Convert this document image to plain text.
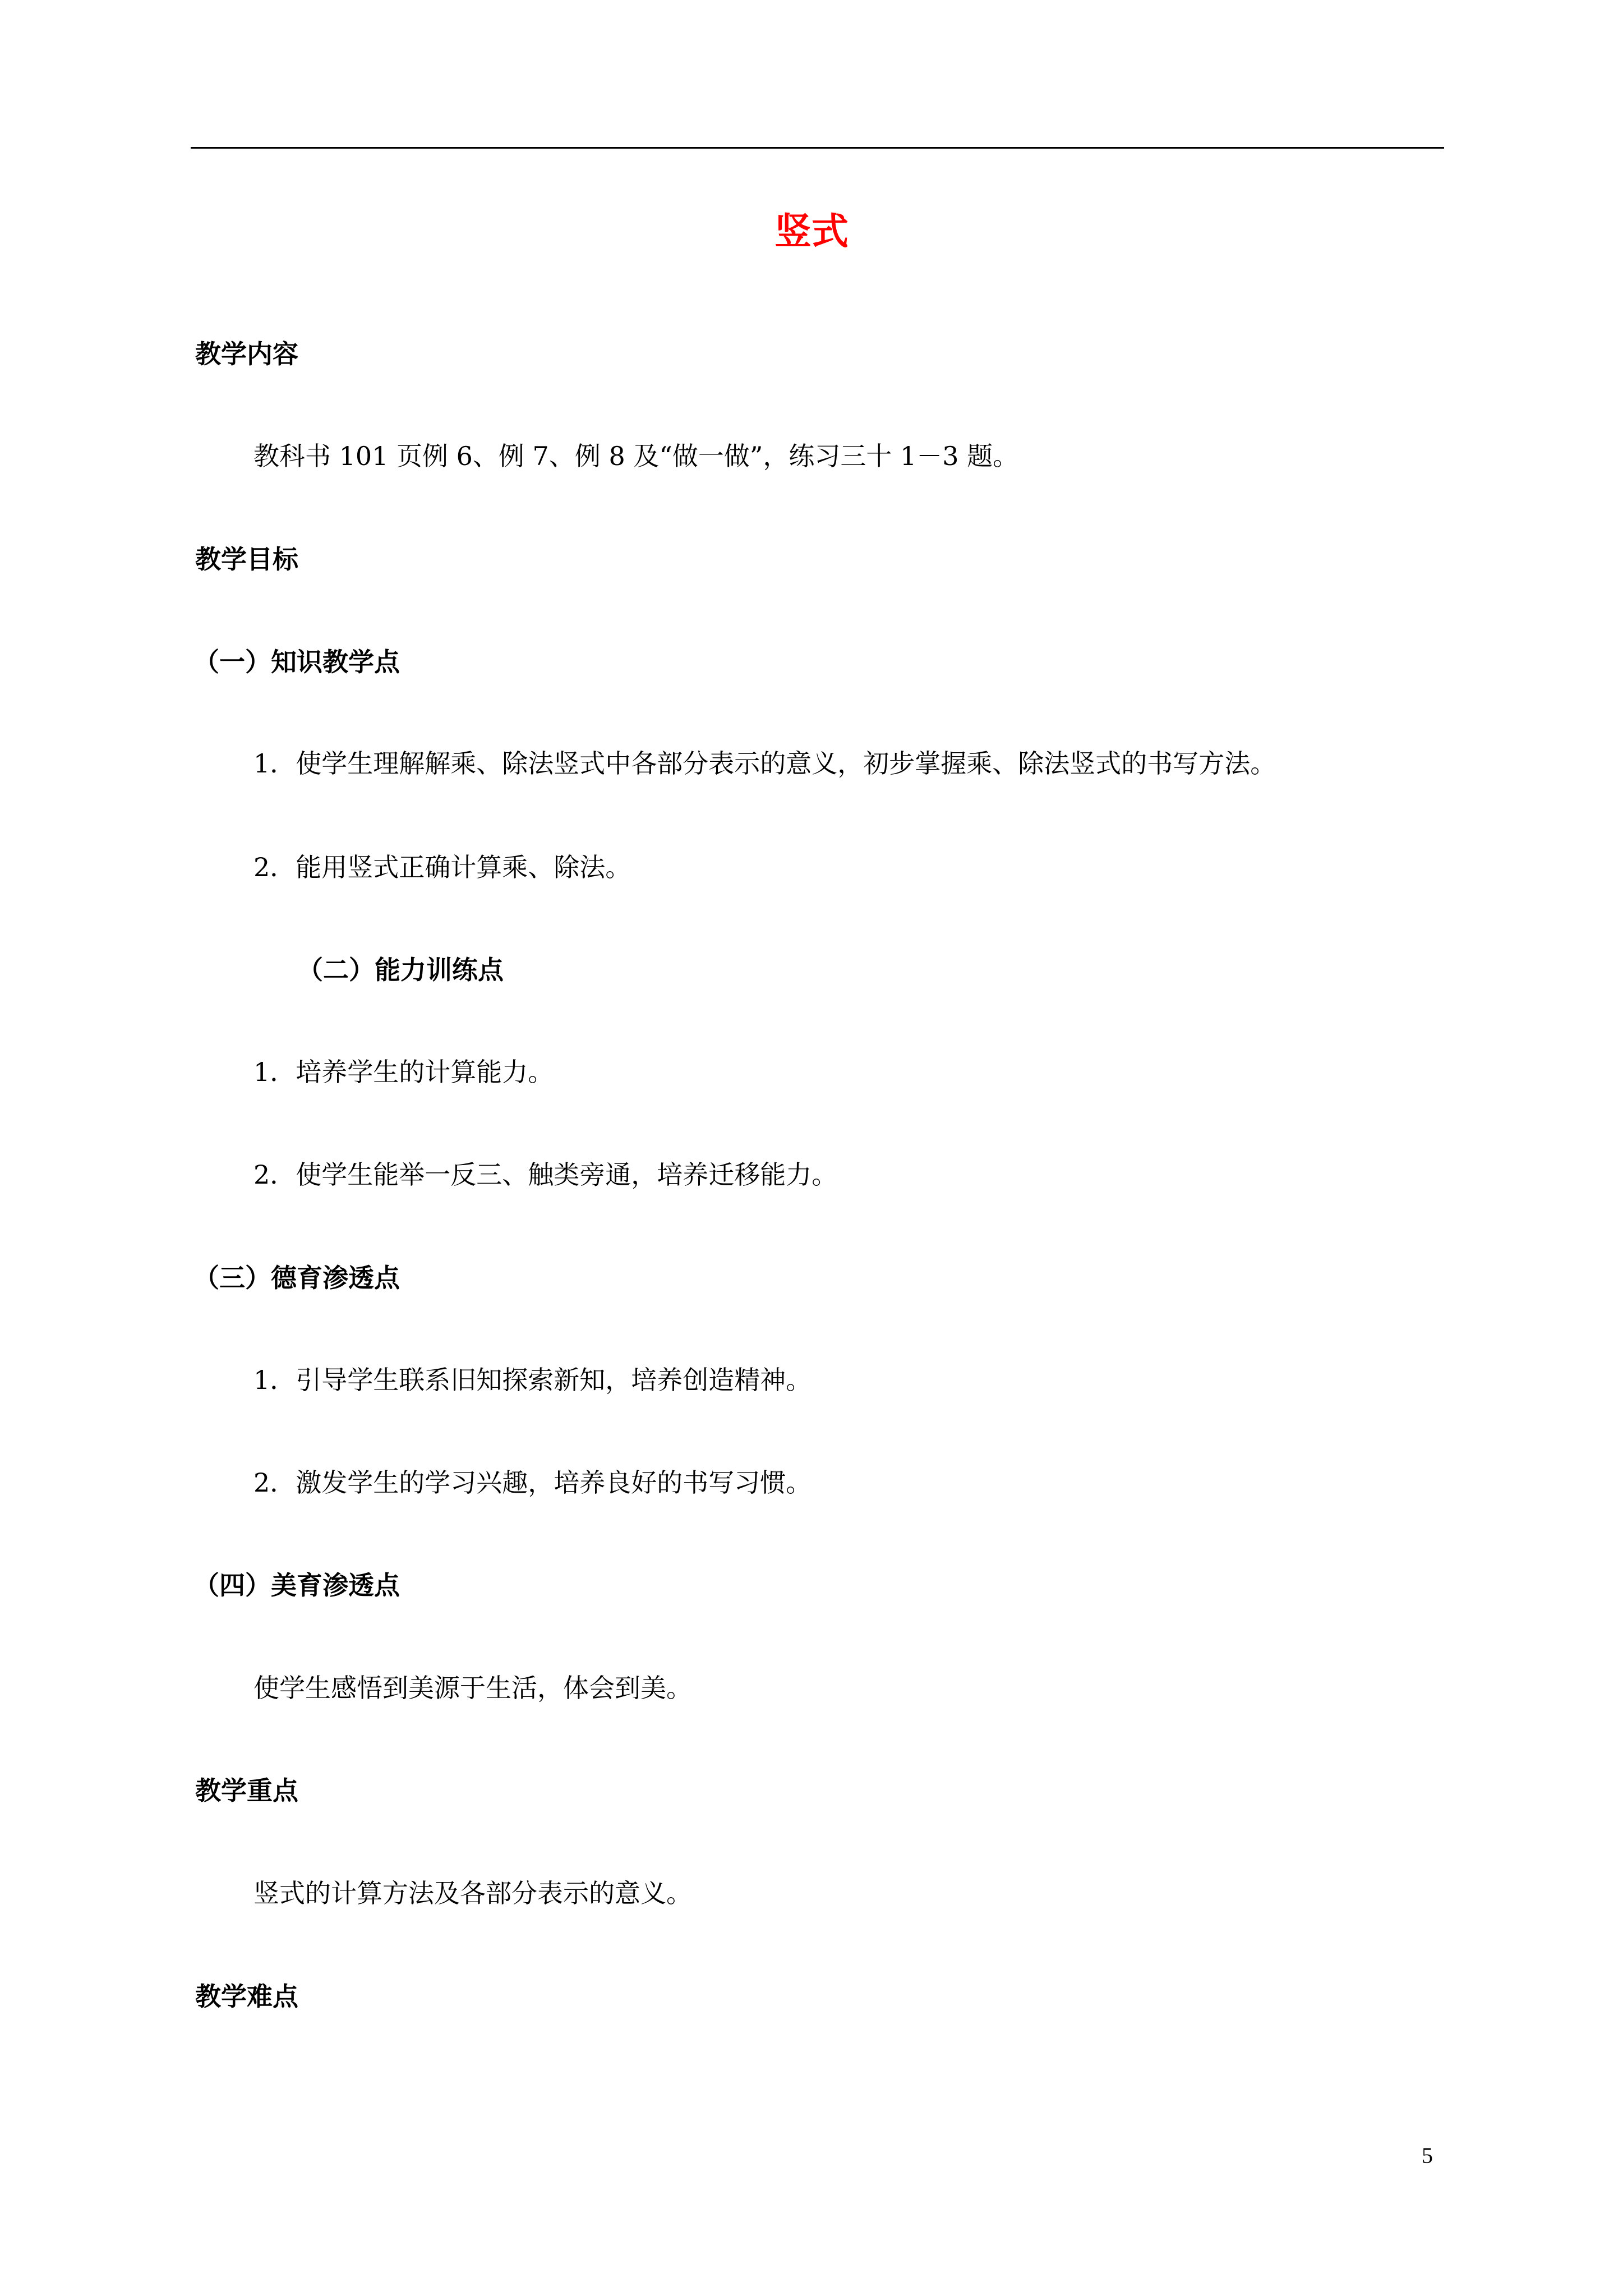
竖式
教学内容
教科书 101 页例 6、例 7、例 8 及“做一做”，练习三十 1－3 题。
教学目标
（一）知识教学点
1．使学生理解解乘、除法竖式中各部分表示的意义，初步掌握乘、除法竖式的书写方法。
2．能用竖式正确计算乘、除法。
（二）能力训练点
1．培养学生的计算能力。
2．使学生能举一反三、触类旁通，培养迁移能力。
（三）德育渗透点
1．引导学生联系旧知探索新知，培养创造精神。
2．激发学生的学习兴趣，培养良好的书写习惯。
（四）美育渗透点
使学生感悟到美源于生活，体会到美。
教学重点
竖式的计算方法及各部分表示的意义。
教学难点
5
